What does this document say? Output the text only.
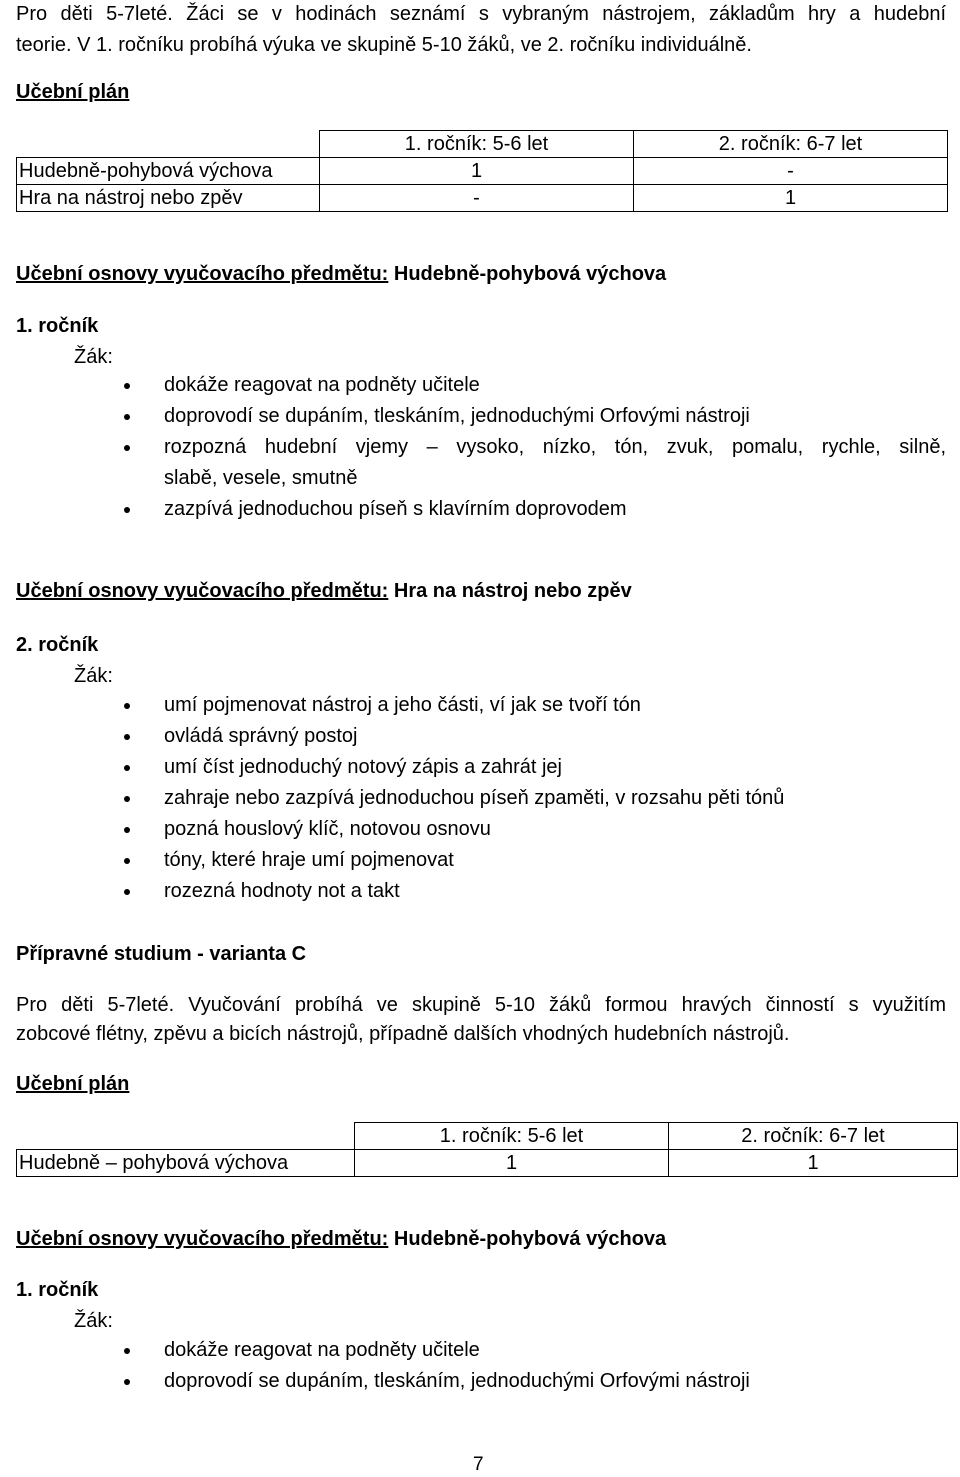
Pro děti 5-7leté. Žáci se v hodinách seznámí s vybraným nástrojem, základům hry a hudební
teorie. V 1. ročníku probíhá výuka ve skupině 5-10 žáků, ve 2. ročníku individuálně.
Učební plán
	1. ročník: 5-6 let	2. ročník: 6-7 let
Hudebně-pohybová výchova	1	-
Hra na nástroj nebo zpěv	-	1
Učební osnovy vyučovacího předmětu: Hudebně-pohybová výchova
1. ročník
Žák:
dokáže reagovat na podněty učitele
doprovodí se dupáním, tleskáním, jednoduchými Orfovými nástroji
rozpozná hudební vjemy – vysoko, nízko, tón, zvuk, pomalu, rychle, silně,
slabě, vesele, smutně
zazpívá jednoduchou píseň s klavírním doprovodem
Učební osnovy vyučovacího předmětu: Hra na nástroj nebo zpěv
2. ročník
Žák:
umí pojmenovat nástroj a jeho části, ví jak se tvoří tón
ovládá správný postoj
umí číst jednoduchý notový zápis a zahrát jej
zahraje nebo zazpívá jednoduchou píseň zpaměti, v rozsahu pěti tónů
pozná houslový klíč, notovou osnovu
tóny, které hraje umí pojmenovat
rozezná hodnoty not a takt
Přípravné studium - varianta C
Pro děti 5-7leté. Vyučování probíhá ve skupině 5-10 žáků formou hravých činností s využitím
zobcové flétny, zpěvu a bicích nástrojů, případně dalších vhodných hudebních nástrojů.
Učební plán
	1. ročník: 5-6 let	2. ročník: 6-7 let
Hudebně – pohybová výchova	1	1
Učební osnovy vyučovacího předmětu: Hudebně-pohybová výchova
1. ročník
Žák:
dokáže reagovat na podněty učitele
doprovodí se dupáním, tleskáním, jednoduchými Orfovými nástroji
7
